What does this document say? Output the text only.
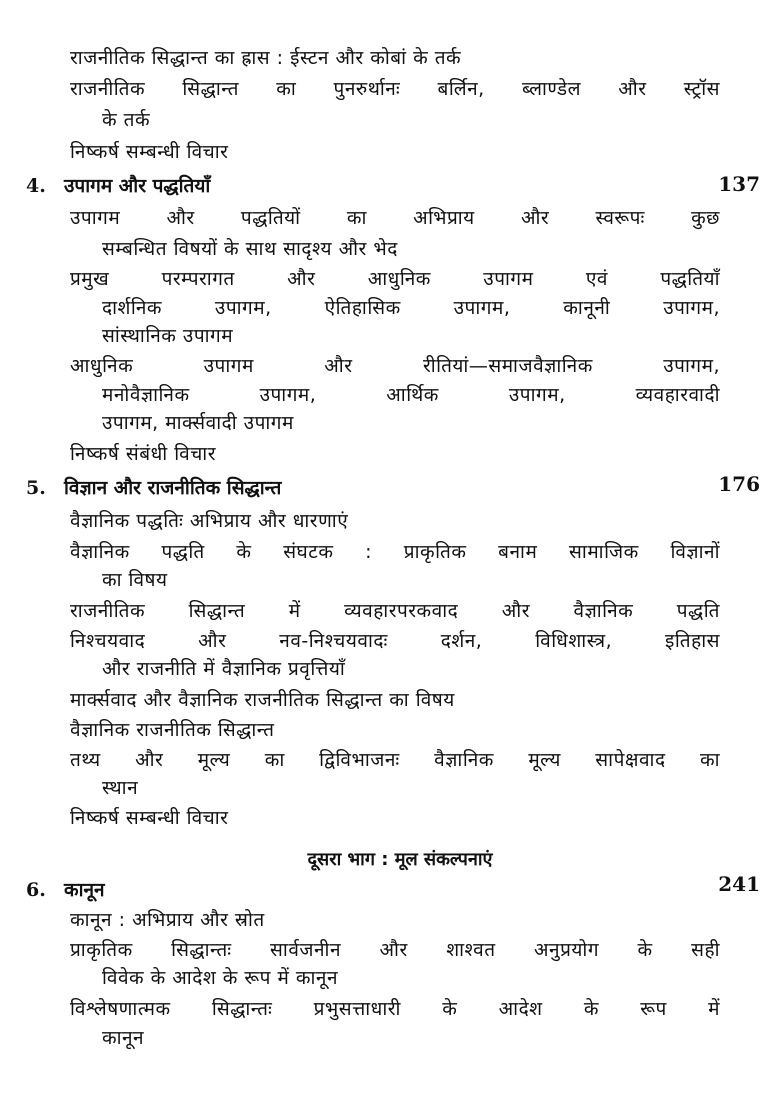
राजनीतिक सिद्धान्त का ह्रास : ईस्टन और कोबां के तर्क
राजनीतिक सिद्धान्त का पुनरुर्थानः बर्लिन, ब्लाण्डेल और स्ट्रॉस
के तर्क
निष्कर्ष सम्बन्धी विचार
4. उपागम और पद्धतियाँ	137
उपागम और पद्धतियों का अभिप्राय और स्वरूपः कुछ
सम्बन्धित विषयों के साथ सादृश्य और भेद
प्रमुख परम्परागत और आधुनिक उपागम एवं पद्धतियाँ
दार्शनिक उपागम, ऐतिहासिक उपागम, कानूनी उपागम,
सांस्थानिक उपागम
आधुनिक उपागम और रीतियां—समाजवैज्ञानिक उपागम,
मनोवैज्ञानिक उपागम, आर्थिक उपागम, व्यवहारवादी
उपागम, मार्क्सवादी उपागम
निष्कर्ष संबंधी विचार
5. विज्ञान और राजनीतिक सिद्धान्त	176
वैज्ञानिक पद्धतिः अभिप्राय और धारणाएं
वैज्ञानिक पद्धति के संघटक : प्राकृतिक बनाम सामाजिक विज्ञानों
का विषय
राजनीतिक सिद्धान्त में व्यवहारपरकवाद और वैज्ञानिक पद्धति
निश्चयवाद और नव-निश्चयवादः दर्शन, विधिशास्त्र, इतिहास
और राजनीति में वैज्ञानिक प्रवृत्तियाँ
मार्क्सवाद और वैज्ञानिक राजनीतिक सिद्धान्त का विषय
वैज्ञानिक राजनीतिक सिद्धान्त
तथ्य और मूल्य का द्विविभाजनः वैज्ञानिक मूल्य सापेक्षवाद का
स्थान
निष्कर्ष सम्बन्धी विचार
दूसरा भाग : मूल संकल्पनाएं
6. कानून	241
कानून : अभिप्राय और स्रोत
प्राकृतिक सिद्धान्तः सार्वजनीन और शाश्वत अनुप्रयोग के सही
विवेक के आदेश के रूप में कानून
विश्लेषणात्मक सिद्धान्तः प्रभुसत्ताधारी के आदेश के रूप में
कानून
